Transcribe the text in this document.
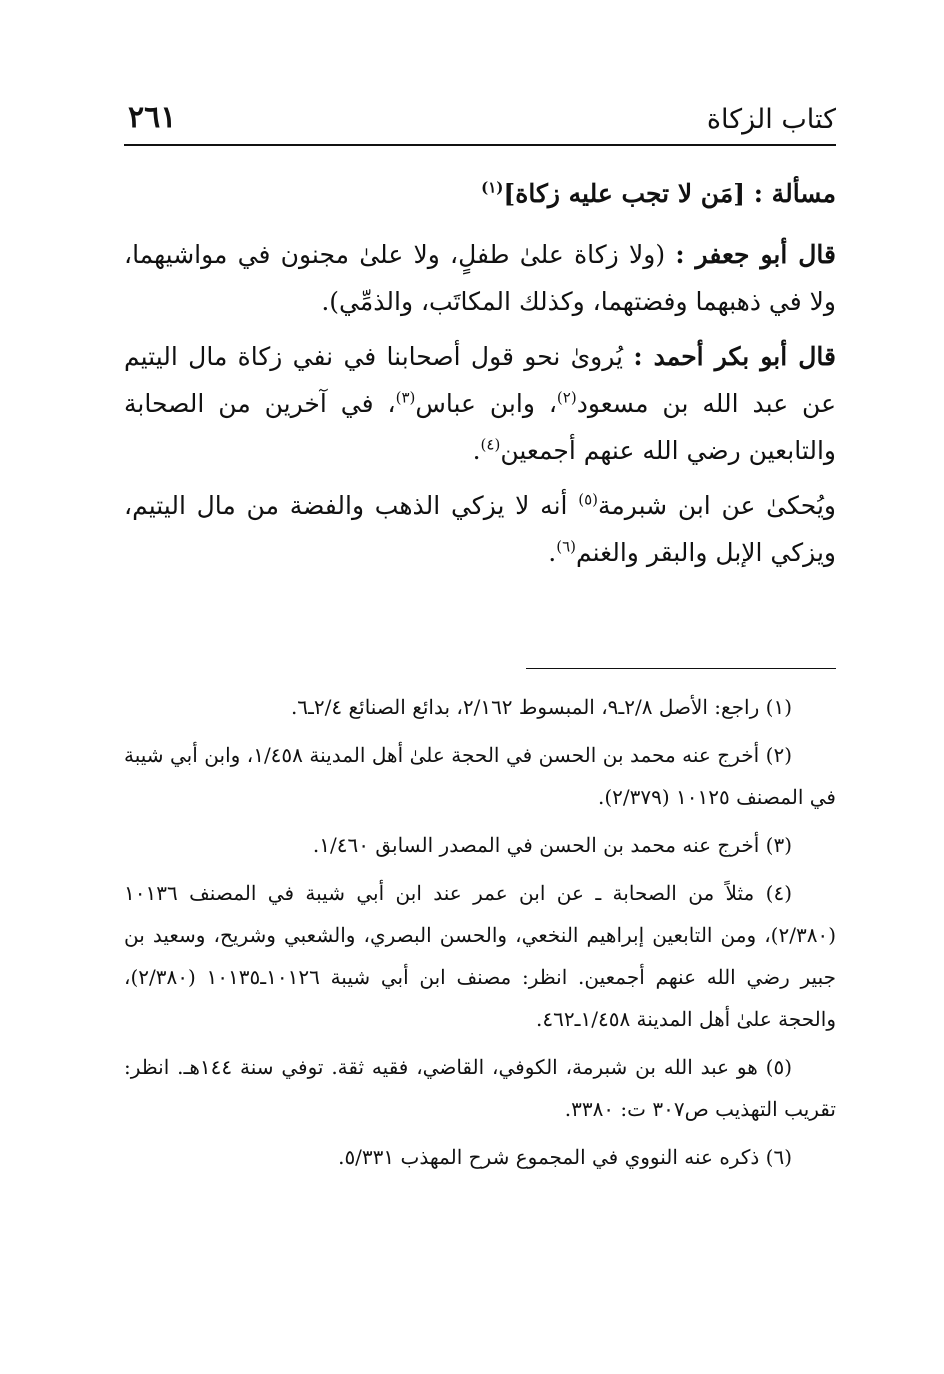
كتاب الزكاة
٢٦١

مسألة : [مَن لا تجب عليه زكاة]$^{(١)}$

قال أبو جعفر : (ولا زكاة علىٰ طفلٍ، ولا علىٰ مجنون في مواشيهما، ولا في ذهبهما وفضتهما، وكذلك المكاتَب، والذمِّي).

قال أبو بكر أحمد : يُروىٰ نحو قول أصحابنا في نفي زكاة مال اليتيم عن عبد الله بن مسعود$^{(٢)}$، وابن عباس$^{(٣)}$، في آخرين من الصحابة والتابعين رضي الله عنهم أجمعين$^{(٤)}$.

ويُحكىٰ عن ابن شبرمة$^{(٥)}$ أنه لا يزكي الذهب والفضة من مال اليتيم، ويزكي الإبل والبقر والغنم$^{(٦)}$.

(١) راجع: الأصل ٢/٨ـ٩، المبسوط ٢/١٦٢، بدائع الصنائع ٢/٤ـ٦.

(٢) أخرج عنه محمد بن الحسن في الحجة علىٰ أهل المدينة ١/٤٥٨، وابن أبي شيبة في المصنف ١٠١٢٥ (٢/٣٧٩).

(٣) أخرج عنه محمد بن الحسن في المصدر السابق ١/٤٦٠.

(٤) مثلاً من الصحابة ـ عن ابن عمر عند ابن أبي شيبة في المصنف ١٠١٣٦ (٢/٣٨٠)، ومن التابعين إبراهيم النخعي، والحسن البصري، والشعبي وشريح، وسعيد بن جبير رضي الله عنهم أجمعين. انظر: مصنف ابن أبي شيبة ١٠١٢٦ـ١٠١٣٥ (٢/٣٨٠)، والحجة علىٰ أهل المدينة ١/٤٥٨ـ٤٦٢.

(٥) هو عبد الله بن شبرمة، الكوفي، القاضي، فقيه ثقة. توفي سنة ١٤٤هـ. انظر: تقريب التهذيب ص٣٠٧ ت: ٣٣٨٠.

(٦) ذكره عنه النووي في المجموع شرح المهذب ٥/٣٣١.
